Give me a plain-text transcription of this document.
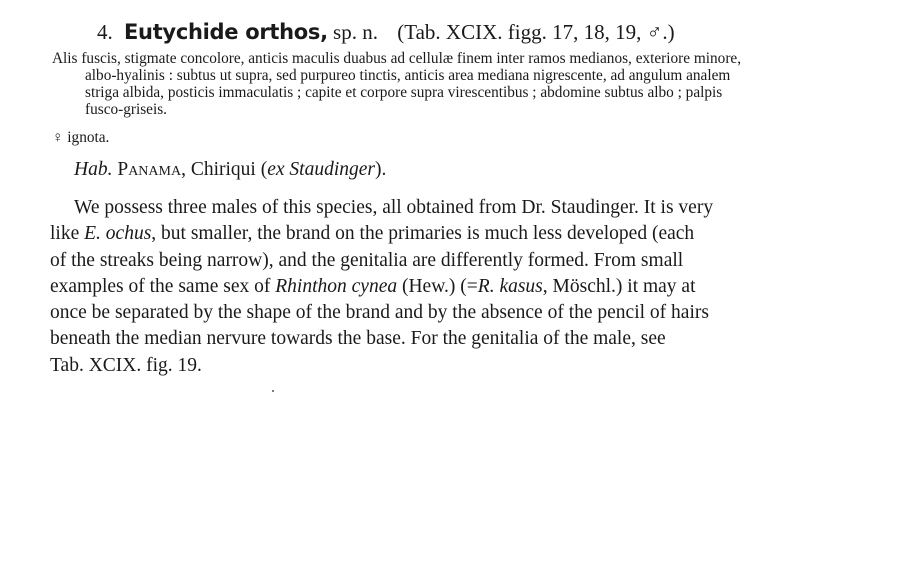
4. Eutychide orthos, sp. n. (Tab. XCIX. figg. 17, 18, 19, ♂.)
Alis fuscis, stigmate concolore, anticis maculis duabus ad cellulæ finem inter ramos medianos, exteriore minore,
albo-hyalinis : subtus ut supra, sed purpureo tinctis, anticis area mediana nigrescente, ad angulum analem
striga albida, posticis immaculatis ; capite et corpore supra virescentibus ; abdomine subtus albo ; palpis
fusco-griseis.
♀ ignota.
Hab. Panama, Chiriqui (ex Staudinger).
We possess three males of this species, all obtained from Dr. Staudinger. It is very
like E. ochus, but smaller, the brand on the primaries is much less developed (each
of the streaks being narrow), and the genitalia are differently formed. From small
examples of the same sex of Rhinthon cynea (Hew.) (=R. kasus, Möschl.) it may at
once be separated by the shape of the brand and by the absence of the pencil of hairs
beneath the median nervure towards the base. For the genitalia of the male, see
Tab. XCIX. fig. 19.
